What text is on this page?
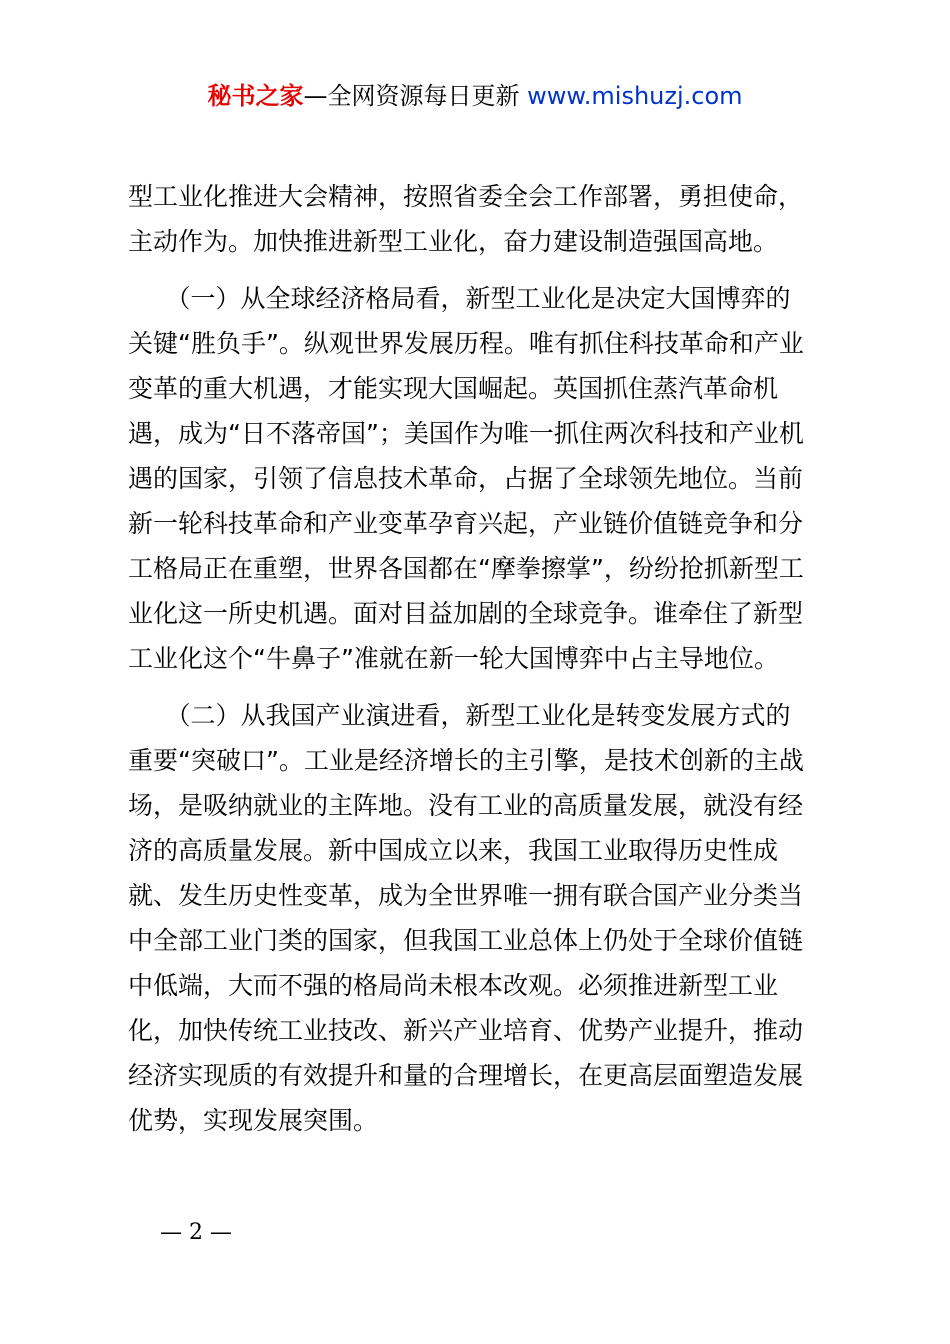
秘书之家—全网资源每日更新 www.mishuzj.com
型工业化推进大会精神，按照省委全会工作部署，勇担使命，
主动作为。加快推进新型工业化，奋力建设制造强国高地。
　　（一）从全球经济格局看，新型工业化是决定大国博弈的
关键“胜负手”。纵观世界发展历程。唯有抓住科技革命和产业
变革的重大机遇，才能实现大国崛起。英国抓住蒸汽革命机
遇，成为“日不落帝国”；美国作为唯一抓住两次科技和产业机
遇的国家，引领了信息技术革命，占据了全球领先地位。当前
新一轮科技革命和产业变革孕育兴起，产业链价值链竞争和分
工格局正在重塑，世界各国都在“摩拳擦掌”，纷纷抢抓新型工
业化这一所史机遇。面对目益加剧的全球竞争。谁牵住了新型
工业化这个“牛鼻子”准就在新一轮大国博弈中占主导地位。
　　（二）从我国产业演进看，新型工业化是转变发展方式的
重要“突破口”。工业是经济增长的主引擎，是技术创新的主战
场，是吸纳就业的主阵地。没有工业的高质量发展，就没有经
济的高质量发展。新中国成立以来，我国工业取得历史性成
就、发生历史性变革，成为全世界唯一拥有联合国产业分类当
中全部工业门类的国家，但我国工业总体上仍处于全球价值链
中低端，大而不强的格局尚未根本改观。必须推进新型工业
化，加快传统工业技改、新兴产业培育、优势产业提升，推动
经济实现质的有效提升和量的合理增长，在更高层面塑造发展
优势，实现发展突围。
— 2 —
